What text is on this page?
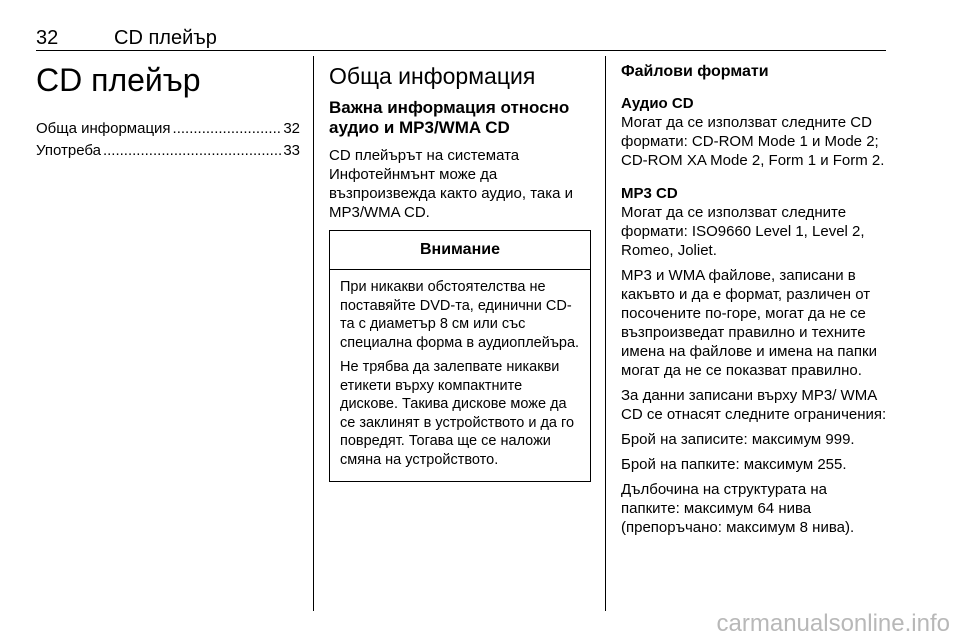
32	CD плейър
CD плейър
Обща информация .....	32
Употреба .....	33
Обща информация
Важна информация относно аудио и MP3/WMA CD

CD плейърът на системата Инфотейнмънт може да възпроизвежда както аудио, така и MP3/WMA CD.

Внимание

При никакви обстоятелства не поставяйте DVD-та, единични CD-та с диаметър 8 см или със специална форма в аудиоплейъра.

Не трябва да залепвате никакви етикети върху компактните дискове. Такива дискове може да се заклинят в устройството и да го повредят. Тогава ще се наложи смяна на устройството.

Файлови формати
Аудио CD

Могат да се използват следните CD формати: CD-ROM Mode 1 и Mode 2; CD-ROM XA Mode 2, Form 1 и Form 2.

MP3 CD

Могат да се използват следните формати: ISO9660 Level 1, Level 2, Romeo, Joliet.

MP3 и WMA файлове, записани в какъвто и да е формат, различен от посочените по-горе, могат да не се възпроизведат правилно и техните имена на файлове и имена на папки могат да не се показват правилно.

За данни записани върху MP3/ WMA CD се отнасят следните ограничения:

Брой на записите: максимум 999.

Брой на папките: максимум 255.

Дълбочина на структурата на папките: максимум 64 нива (препоръчано: максимум 8 нива).

carmanualsonline.info
